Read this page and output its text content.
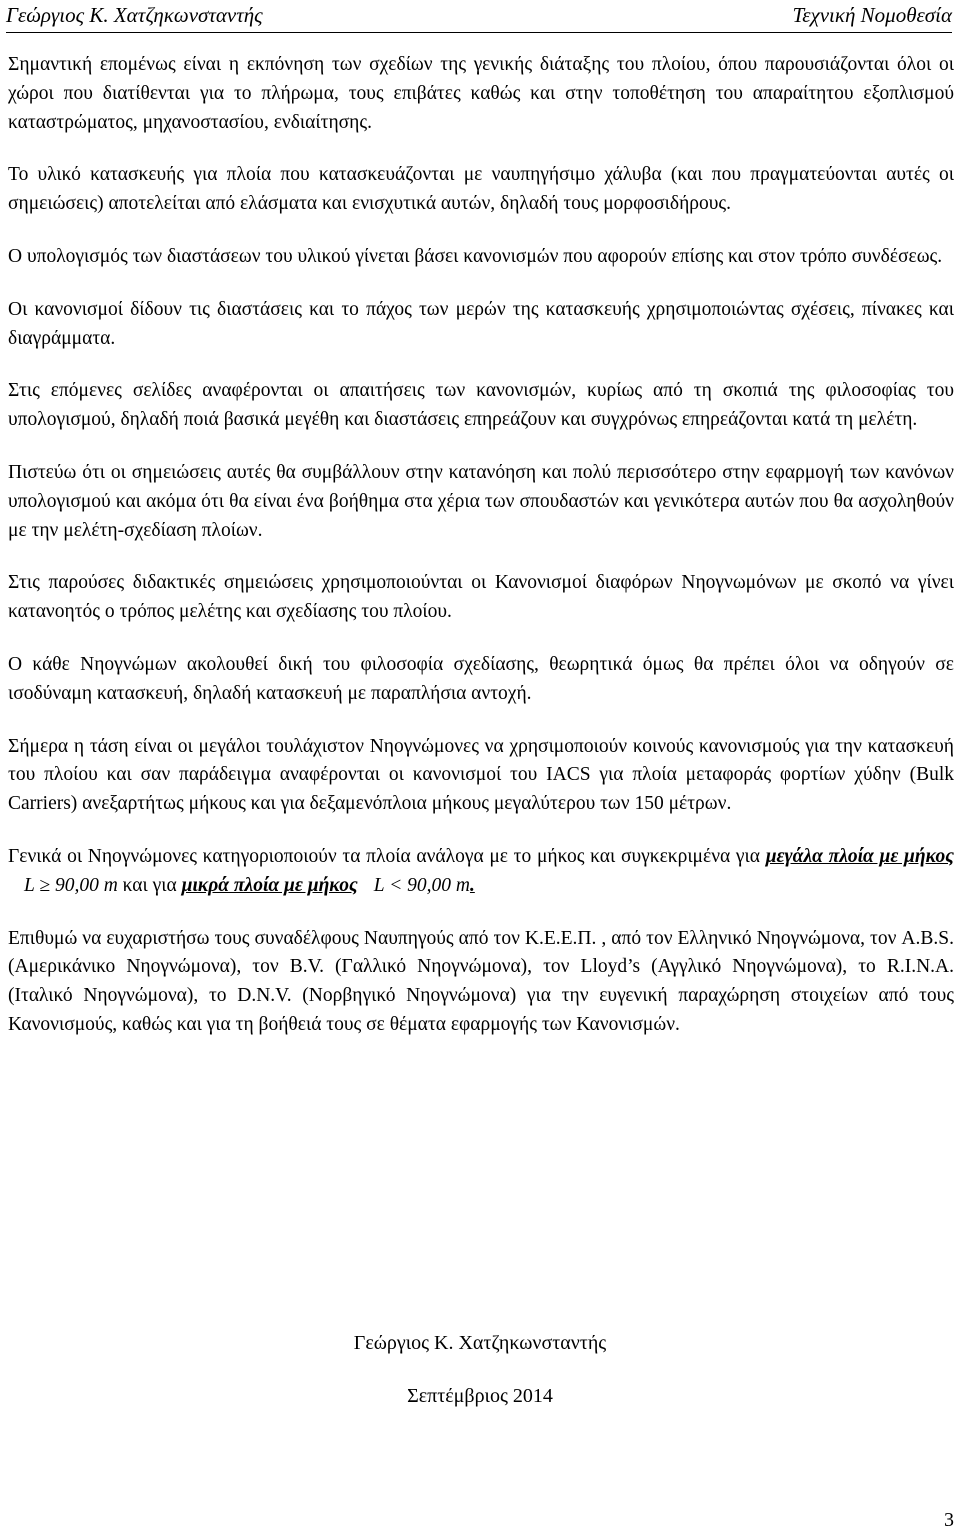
Γεώργιος Κ. Χατζηκωνσταντής	Τεχνική Νομοθεσία

Σημαντική επομένως είναι η εκπόνηση των σχεδίων της γενικής διάταξης του πλοίου, όπου παρουσιάζονται όλοι οι χώροι που διατίθενται για το πλήρωμα, τους επιβάτες καθώς και στην τοποθέτηση του απαραίτητου εξοπλισμού καταστρώματος, μηχανοστασίου, ενδιαίτησης.

Το υλικό κατασκευής για πλοία που κατασκευάζονται με ναυπηγήσιμο χάλυβα (και που πραγματεύονται αυτές οι σημειώσεις) αποτελείται από ελάσματα και ενισχυτικά αυτών, δηλαδή τους μορφοσιδήρους.

Ο υπολογισμός των διαστάσεων του υλικού γίνεται βάσει κανονισμών που αφορούν επίσης και στον τρόπο συνδέσεως.

Οι κανονισμοί δίδουν τις διαστάσεις και το πάχος των μερών της κατασκευής χρησιμοποιώντας σχέσεις, πίνακες και διαγράμματα.

Στις επόμενες σελίδες αναφέρονται οι απαιτήσεις των κανονισμών, κυρίως από τη σκοπιά της φιλοσοφίας του υπολογισμού, δηλαδή ποιά βασικά μεγέθη και διαστάσεις επηρεάζουν και συγχρόνως επηρεάζονται κατά τη μελέτη.

Πιστεύω ότι οι σημειώσεις αυτές θα συμβάλλουν στην κατανόηση και πολύ περισσότερο στην εφαρμογή των κανόνων υπολογισμού και ακόμα ότι θα είναι ένα βοήθημα στα χέρια των σπουδαστών και γενικότερα αυτών που θα ασχοληθούν με την μελέτη-σχεδίαση πλοίων.

Στις παρούσες διδακτικές σημειώσεις χρησιμοποιούνται οι Κανονισμοί διαφόρων Νηογνωμόνων με σκοπό να γίνει κατανοητός ο τρόπος μελέτης και σχεδίασης του πλοίου.

Ο κάθε Νηογνώμων ακολουθεί δική του φιλοσοφία σχεδίασης, θεωρητικά όμως θα πρέπει όλοι να οδηγούν σε ισοδύναμη κατασκευή, δηλαδή κατασκευή με παραπλήσια αντοχή.

Σήμερα η τάση είναι οι μεγάλοι τουλάχιστον Νηογνώμονες να χρησιμοποιούν κοινούς κανονισμούς για την κατασκευή του πλοίου και σαν παράδειγμα αναφέρονται οι κανονισμοί του IACS για πλοία μεταφοράς φορτίων χύδην (Bulk Carriers) ανεξαρτήτως μήκους και για δεξαμενόπλοια μήκους μεγαλύτερου των 150 μέτρων.

Γενικά οι Νηογνώμονες κατηγοριοποιούν τα πλοία ανάλογα με το μήκος και συγκεκριμένα για μεγάλα πλοία με μήκοςL ≥ 90,00 m και για μικρά πλοία με μήκος L < 90,00 m.

Επιθυμώ να ευχαριστήσω τους συναδέλφους Ναυπηγούς από τον Κ.Ε.Ε.Π. , από τον Ελληνικό Νηογνώμονα, τον A.B.S. (Αμερικάνικο Νηογνώμονα), τον B.V. (Γαλλικό Νηογνώμονα), τον Lloyd’s (Αγγλικό Νηογνώμονα), το R.I.N.A. (Ιταλικό Νηογνώμονα), το D.N.V. (Νορβηγικό Νηογνώμονα) για την ευγενική παραχώρηση στοιχείων από τους Κανονισμούς, καθώς και για τη βοήθειά τους σε θέματα εφαρμογής των Κανονισμών.

Γεώργιος Κ. Χατζηκωνσταντής
Σεπτέμβριος 2014
3
